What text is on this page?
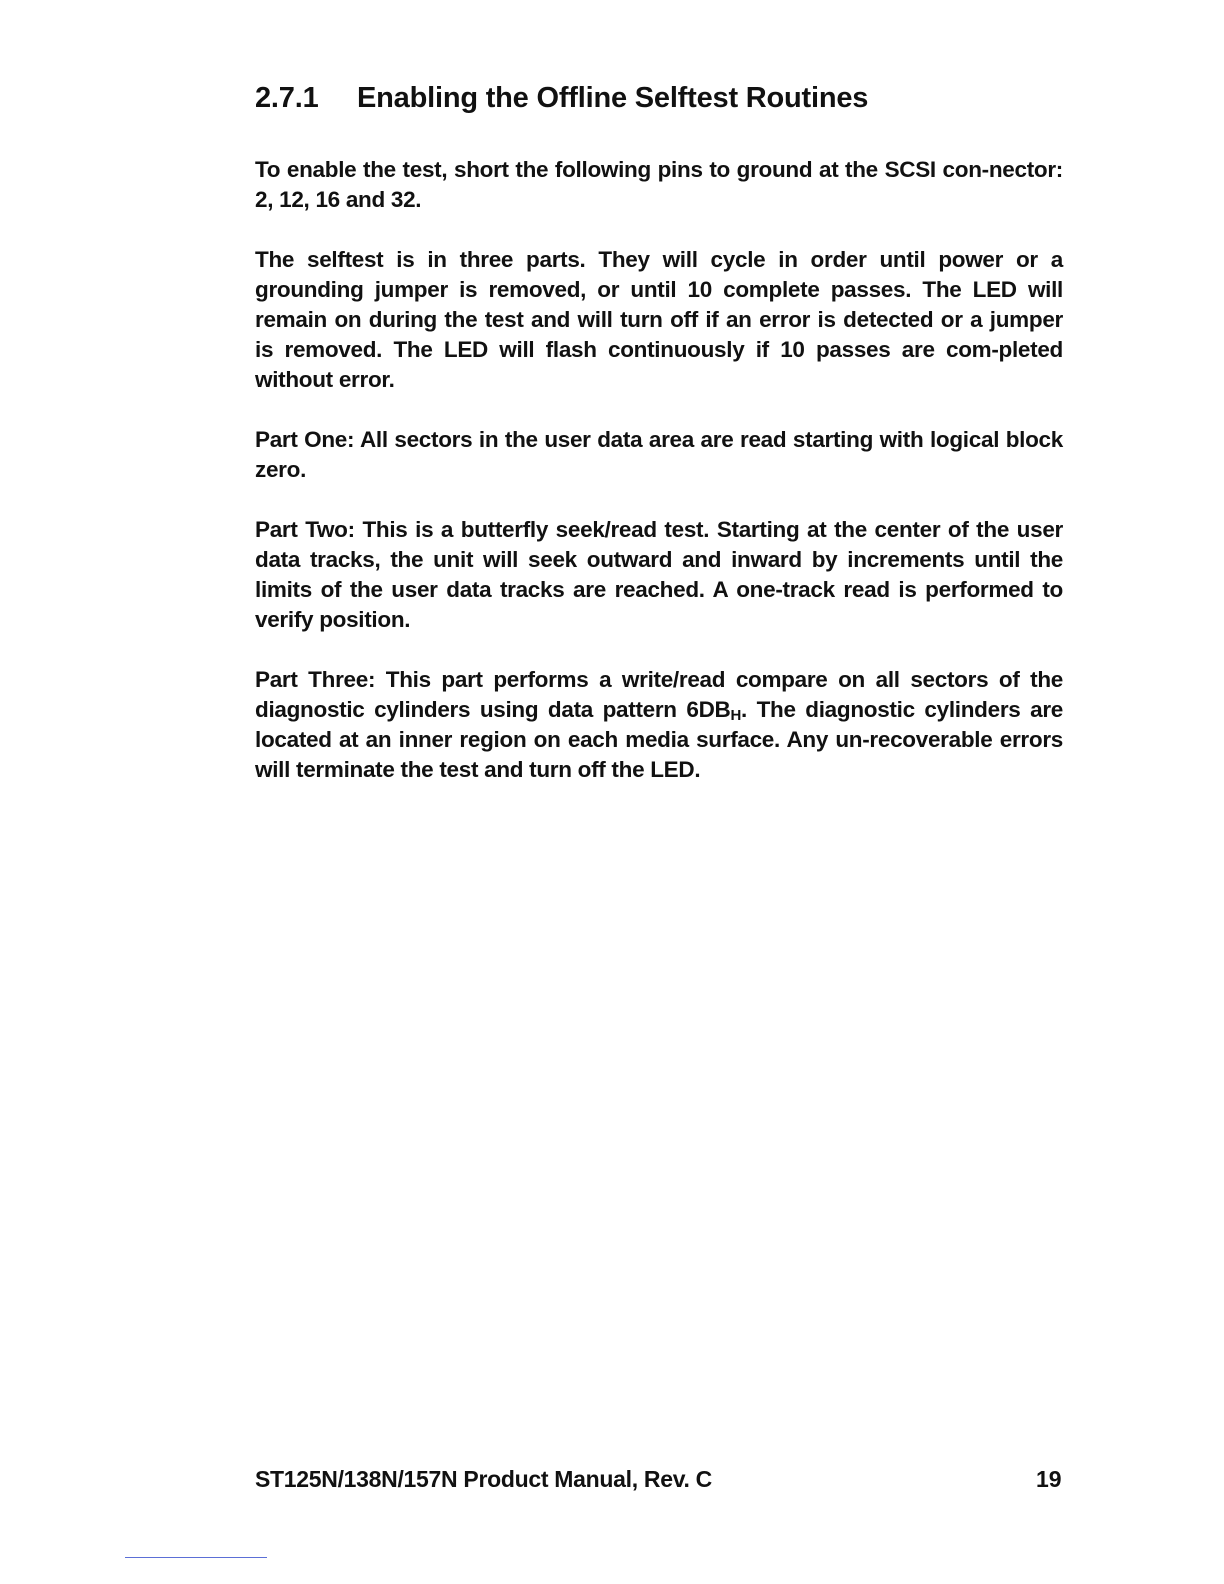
2.7.1 Enabling the Offline Selftest Routines

To enable the test, short the following pins to ground at the SCSI con-nector: 2, 12, 16 and 32.

The selftest is in three parts. They will cycle in order until power or a grounding jumper is removed, or until 10 complete passes. The LED will remain on during the test and will turn off if an error is detected or a jumper is removed. The LED will flash continuously if 10 passes are com-pleted without error.

Part One: All sectors in the user data area are read starting with logical block zero.

Part Two: This is a butterfly seek/read test. Starting at the center of the user data tracks, the unit will seek outward and inward by increments until the limits of the user data tracks are reached. A one-track read is performed to verify position.

Part Three: This part performs a write/read compare on all sectors of the diagnostic cylinders using data pattern $6DB_H$. The diagnostic cylinders are located at an inner region on each media surface. Any un-recoverable errors will terminate the test and turn off the LED.

ST125N/138N/157N Product Manual, Rev. C	19
